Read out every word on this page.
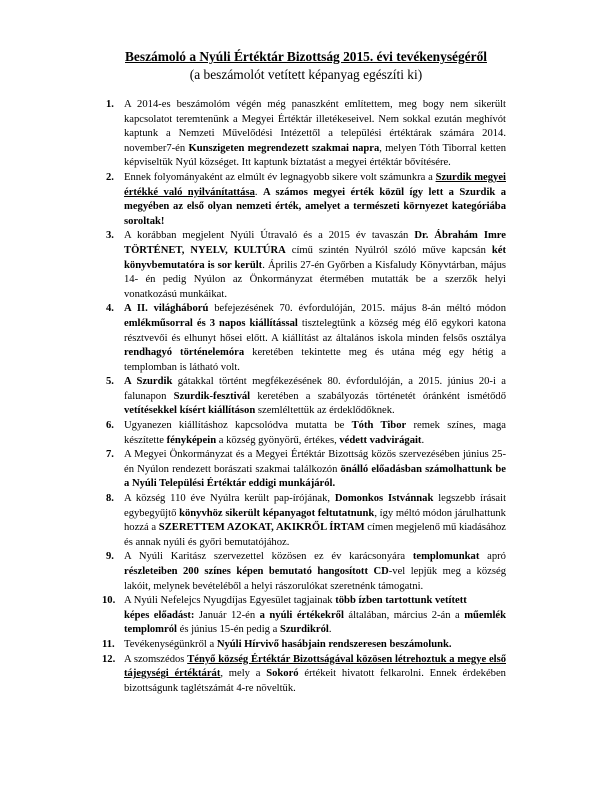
Beszámoló a Nyúli Értéktár Bizottság 2015. évi tevékenységéről
(a beszámolót vetített képanyag egészíti ki)
1. A 2014-es beszámolóm végén még panaszként említettem, meg bogy nem sikerült kapcsolatot teremtenünk a Megyei Értéktár illetékeseivel. Nem sokkal ezután meghívót kaptunk a Nemzeti Művelődési Intézettől a települési értéktárak számára 2014. november7-én Kunszigeten megrendezett szakmai napra, melyen Tóth Tiborral ketten képviseltük Nyúl községet. Itt kaptunk bíztatást a megyei értéktár bővítésére.
2. Ennek folyományaként az elmúlt év legnagyobb sikere volt számunkra a Szurdik megyei értékké való nyilvánítattása. A számos megyei érték közül így lett a Szurdik a megyében az első olyan nemzeti érték, amelyet a természeti környezet kategóriába soroltak!
3. A korábban megjelent Nyúli Útravaló és a 2015 év tavaszán Dr. Ábrahám Imre TÖRTÉNET, NYELV, KULTÚRA című szintén Nyúlról szóló műve kapcsán két könyvbemutatóra is sor került. Április 27-én Győrben a Kisfaludy Könyvtárban, május 14- én pedig Nyúlon az Önkormányzat étermében mutatták be a szerzők helyi vonatkozású munkáikat.
4. A II. világháború befejezésének 70. évfordulóján, 2015. május 8-án méltó módon emlékműsorral és 3 napos kiállítással tisztelegtünk a község még élő egykori katona résztvevői és elhunyt hősei előtt. A kiállítást az általános iskola minden felsős osztálya rendhagyó történelemóra keretében tekintette meg és utána még egy hétig a templomban is látható volt.
5. A Szurdik gátakkal történt megfékezésének 80. évfordulóján, a 2015. június 20-i a falunapon Szurdik-fesztivál keretében a szabályozás történetét óránként ismétődő vetítésekkel kísért kiállításon szemléltettük az érdeklődőknek.
6. Ugyanezen kiállításhoz kapcsolódva mutatta be Tóth Tibor remek színes, maga készítette fényképein a község gyönyörű, értékes, védett vadvirágait.
7. A Megyei Önkormányzat és a Megyei Értéktár Bizottság közös szervezésében június 25-én Nyúlon rendezett borászati szakmai találkozón önálló előadásban számolhattunk be a Nyúli Települési Értéktár eddigi munkájáról.
8. A község 110 éve Nyúlra került pap-írójának, Domonkos Istvánnak legszebb írásait egybegyűjtő könyvhöz sikerült képanyagot feltutatnunk, így méltó módon járulhattunk hozzá a SZERETTEM AZOKAT, AKIKRŐL ÍRTAM címen megjelenő mű kiadásához és annak nyúli és győri bemutatójához.
9. A Nyúli Karitász szervezettel közösen ez év karácsonyára templomunkat apró részleteiben 200 színes képen bemutató hangosított CD-vel lepjük meg a község lakóit, melynek bevételéből a helyi rászorulókat szeretnénk támogatni.
10. A Nyúli Nefelejcs Nyugdíjas Egyesület tagjainak több ízben tartottunk vetített
képes előadást: Január 12-én a nyúli értékekről általában, március 2-án a műemlék templomról és június 15-én pedig a Szurdikról.
11. Tevékenységünkről a Nyúli Hírvivő hasábjain rendszeresen beszámolunk.
12. A szomszédos Tényő község Értéktár Bizottságával közösen létrehoztuk a megye első tájegységi értéktárát, mely a Sokoró értékeit hivatott felkarolni. Ennek érdekében bizottságunk taglétszámát 4-re növeltük.
